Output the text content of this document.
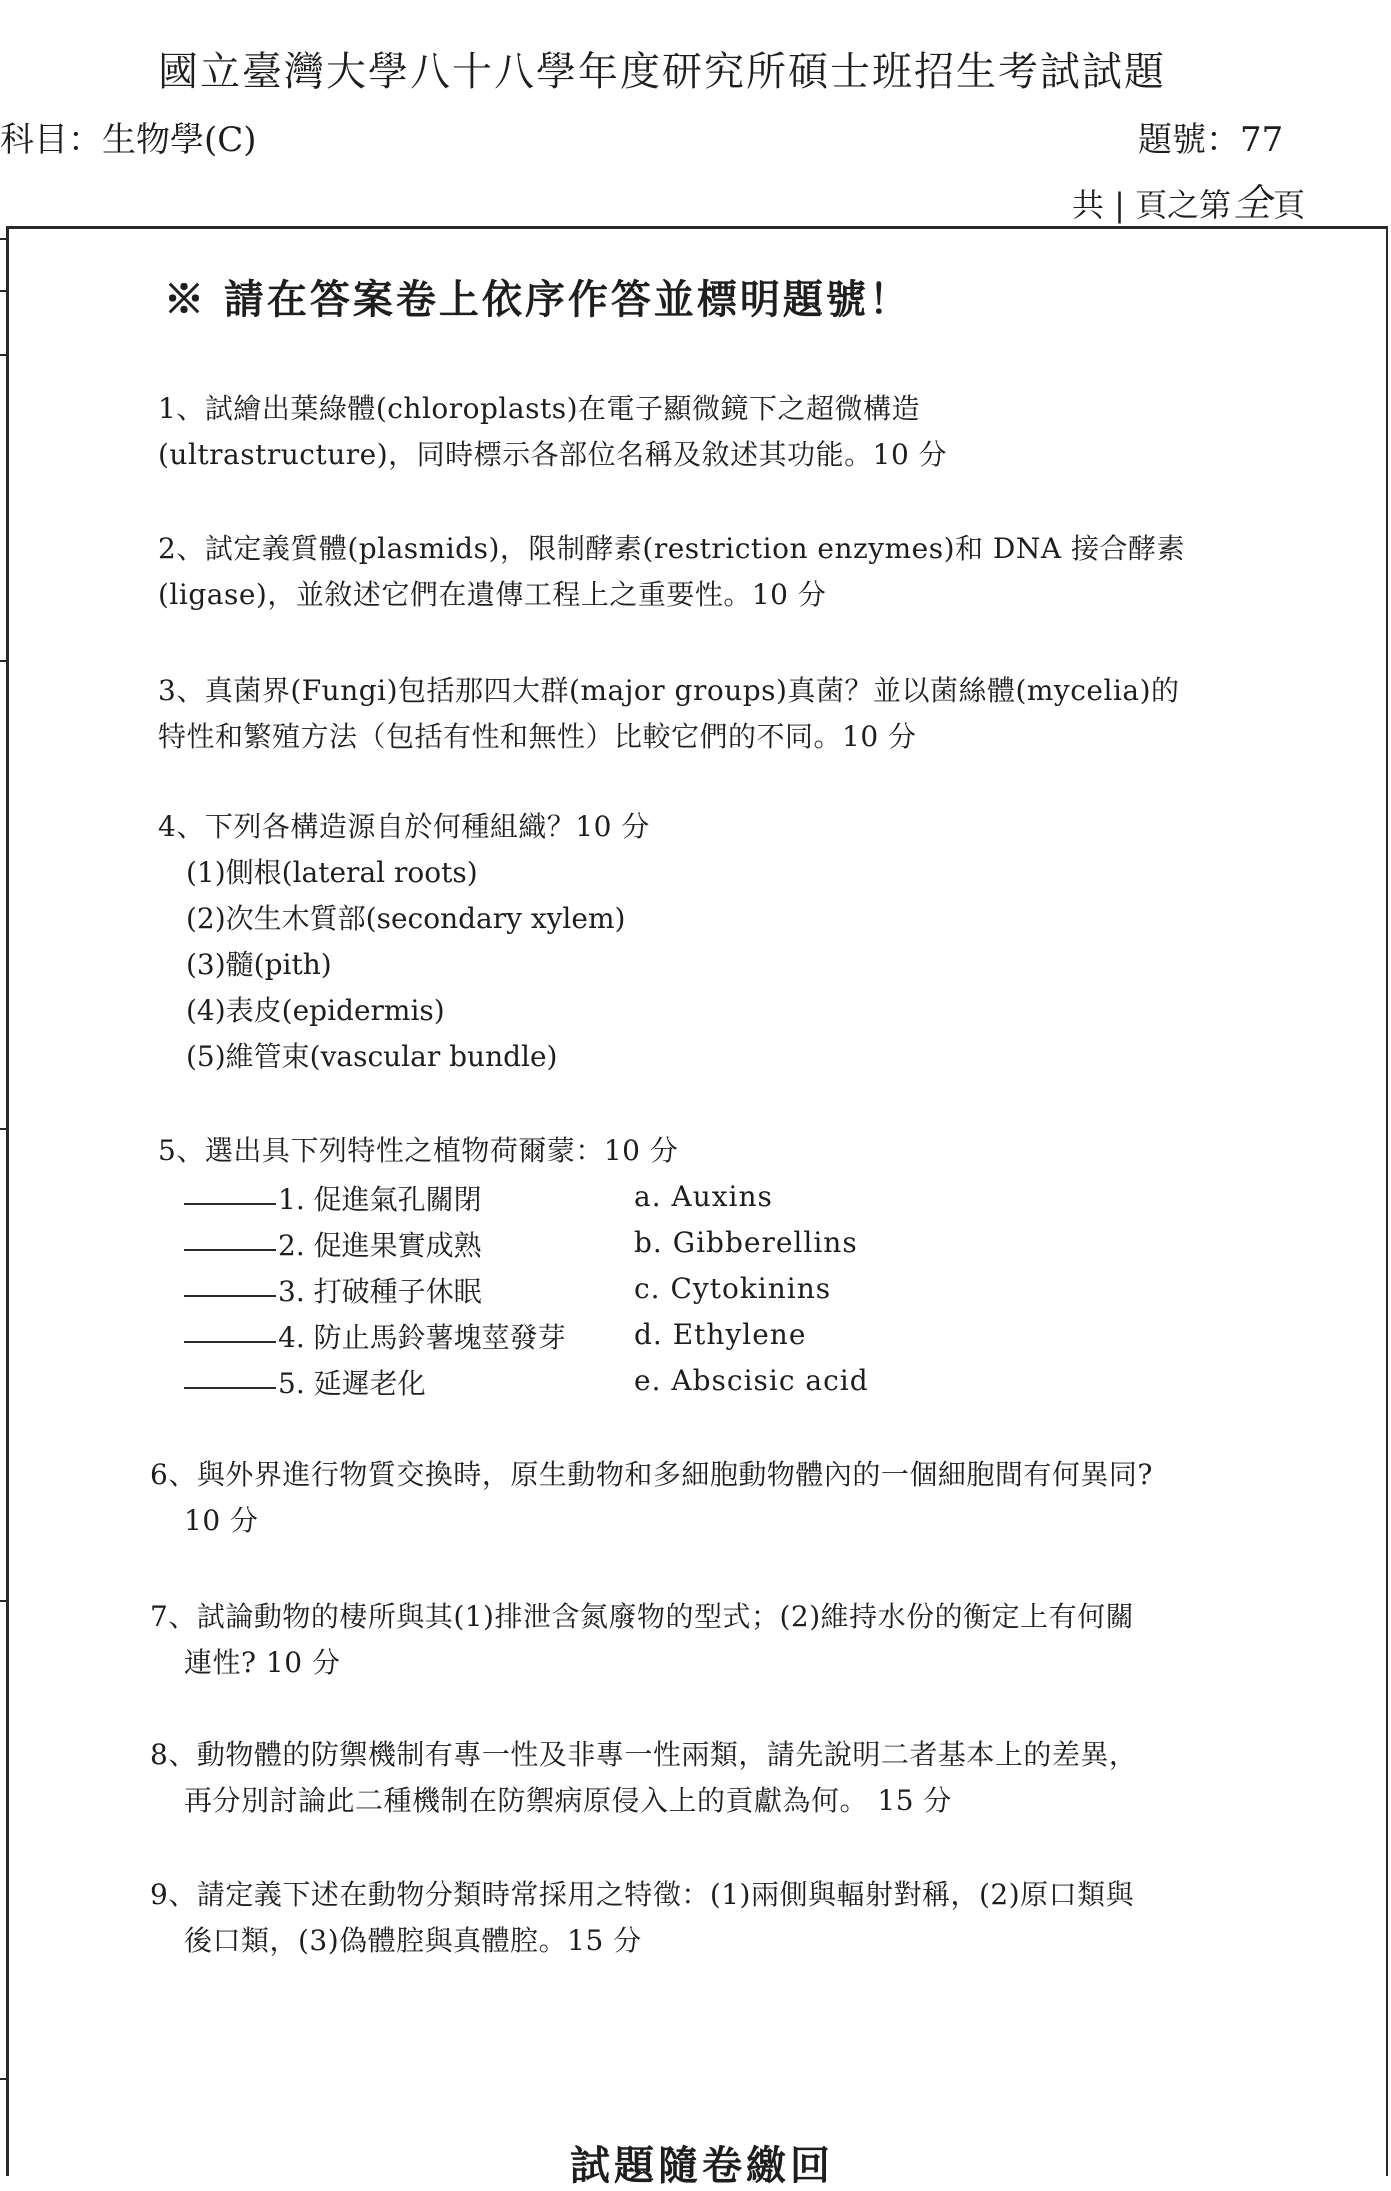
國立臺灣大學八十八學年度研究所碩士班招生考試試題
科目：生物學(C)	題號：77
共 | 頁之第全頁
※ 請在答案卷上依序作答並標明題號！
1、試繪出葉綠體(chloroplasts)在電子顯微鏡下之超微構造
(ultrastructure)，同時標示各部位名稱及敘述其功能。10 分
2、試定義質體(plasmids)，限制酵素(restriction enzymes)和 DNA 接合酵素
(ligase)，並敘述它們在遺傳工程上之重要性。10 分
3、真菌界(Fungi)包括那四大群(major groups)真菌？並以菌絲體(mycelia)的
特性和繁殖方法（包括有性和無性）比較它們的不同。10 分
4、下列各構造源自於何種組織？10 分
(1)側根(lateral roots)
(2)次生木質部(secondary xylem)
(3)髓(pith)
(4)表皮(epidermis)
(5)維管束(vascular bundle)
5、選出具下列特性之植物荷爾蒙：10 分
1. 促進氣孔關閉
2. 促進果實成熟
3. 打破種子休眠
4. 防止馬鈴薯塊莖發芽
5. 延遲老化
a. Auxins
b. Gibberellins
c. Cytokinins
d. Ethylene
e. Abscisic acid
6、與外界進行物質交換時，原生動物和多細胞動物體內的一個細胞間有何異同?
10 分
7、試論動物的棲所與其(1)排泄含氮廢物的型式；(2)維持水份的衡定上有何關
連性? 10 分
8、動物體的防禦機制有專一性及非專一性兩類，請先說明二者基本上的差異，
再分別討論此二種機制在防禦病原侵入上的貢獻為何。 15 分
9、請定義下述在動物分類時常採用之特徵：(1)兩側與輻射對稱，(2)原口類與
後口類，(3)偽體腔與真體腔。15 分
試題隨卷繳回
